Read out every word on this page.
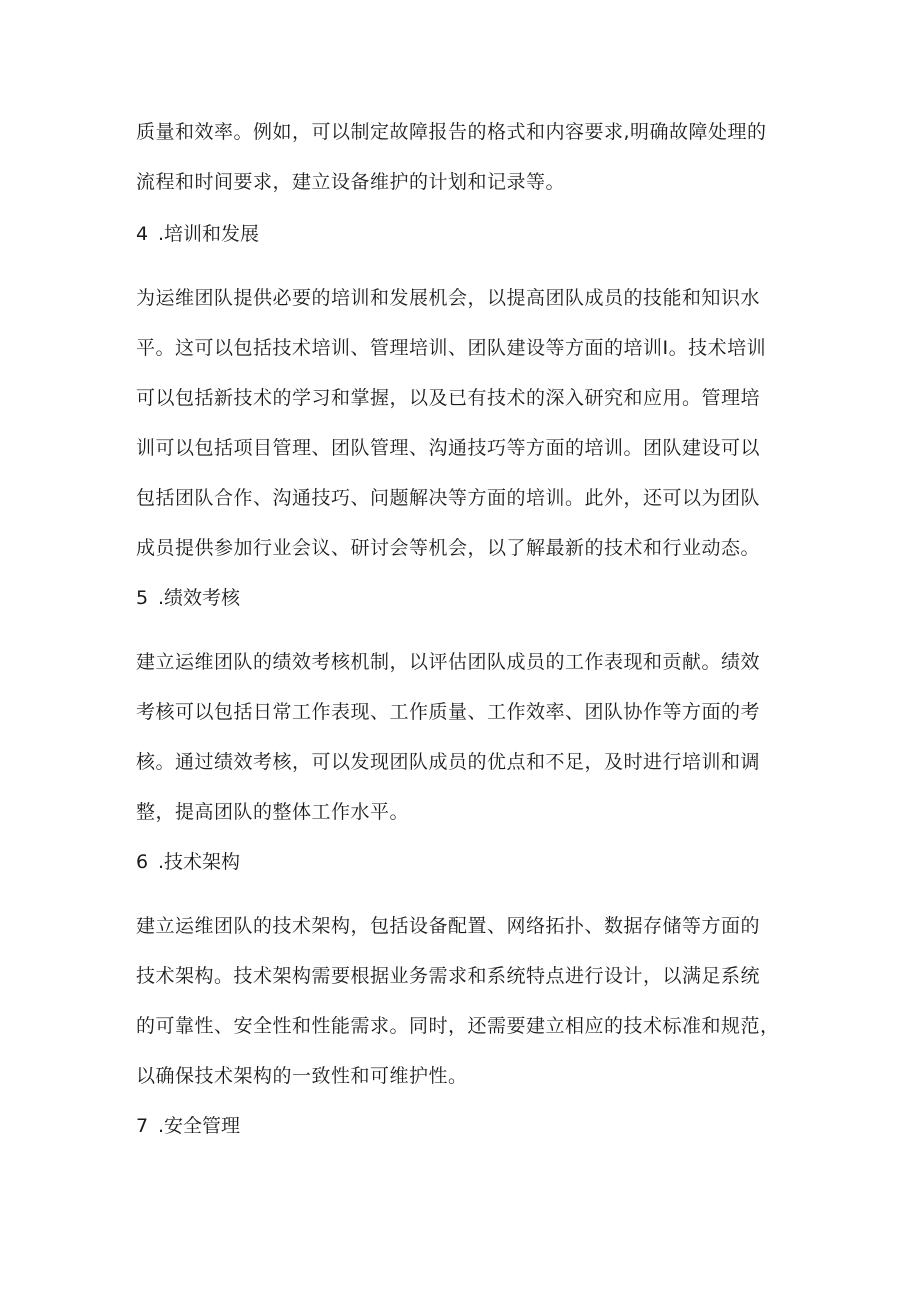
质量和效率。例如，可以制定故障报告的格式和内容要求,明确故障处理的
流程和时间要求，建立设备维护的计划和记录等。
4 .培训和发展
为运维团队提供必要的培训和发展机会，以提高团队成员的技能和知识水
平。这可以包括技术培训、管理培训、团队建设等方面的培训I。技术培训
可以包括新技术的学习和掌握，以及已有技术的深入研究和应用。管理培
训可以包括项目管理、团队管理、沟通技巧等方面的培训。团队建设可以
包括团队合作、沟通技巧、问题解决等方面的培训。此外，还可以为团队
成员提供参加行业会议、研讨会等机会，以了解最新的技术和行业动态。
5 .绩效考核
建立运维团队的绩效考核机制，以评估团队成员的工作表现和贡献。绩效
考核可以包括日常工作表现、工作质量、工作效率、团队协作等方面的考
核。通过绩效考核，可以发现团队成员的优点和不足，及时进行培训和调
整，提高团队的整体工作水平。
6 .技术架构
建立运维团队的技术架构，包括设备配置、网络拓扑、数据存储等方面的
技术架构。技术架构需要根据业务需求和系统特点进行设计，以满足系统
的可靠性、安全性和性能需求。同时，还需要建立相应的技术标准和规范，
以确保技术架构的一致性和可维护性。
7 .安全管理
